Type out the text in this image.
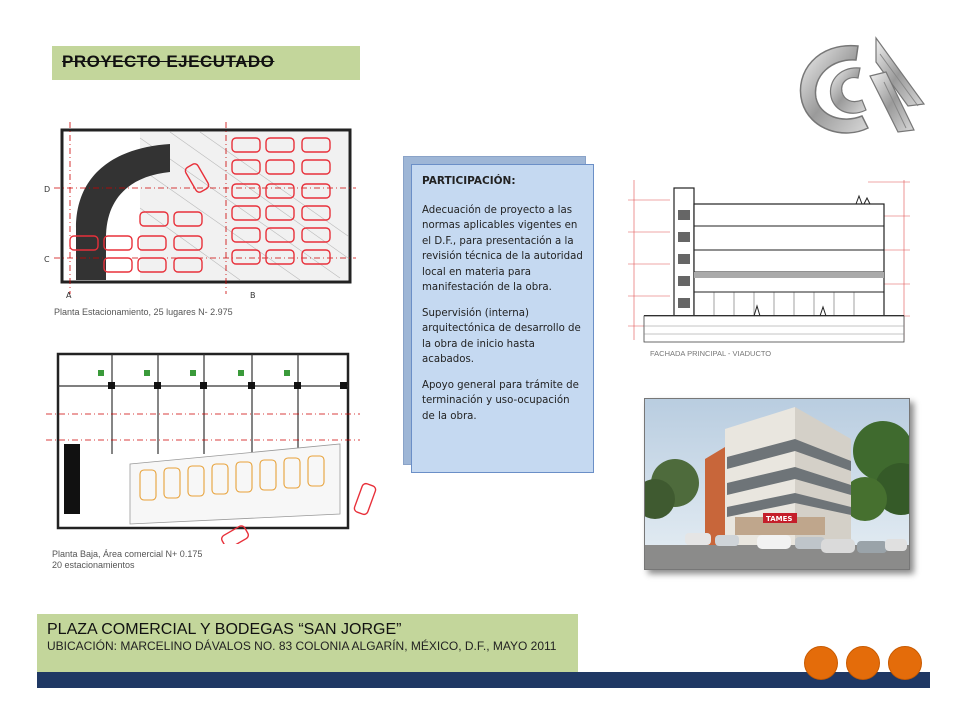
PROYECTO EJECUTADO
D
A	B
C
Planta Estacionamiento, 25 lugares N- 2.975
Planta Baja, Área comercial N+ 0.175
20 estacionamientos

PARTICIPACIÓN:

Adecuación de proyecto a las normas aplicables vigentes en el D.F., para presentación a la revisión técnica de la autoridad local en materia para manifestación de la obra.

Supervisión (interna) arquitectónica de desarrollo de la obra de inicio hasta acabados.

Apoyo general para trámite de terminación y uso-ocupación de la obra.

FACHADA PRINCIPAL - VIADUCTO
TAMES
PLAZA COMERCIAL Y BODEGAS “SAN JORGE”
UBICACIÓN: MARCELINO DÁVALOS NO. 83 COLONIA ALGARÍN, MÉXICO, D.F., MAYO 2011
